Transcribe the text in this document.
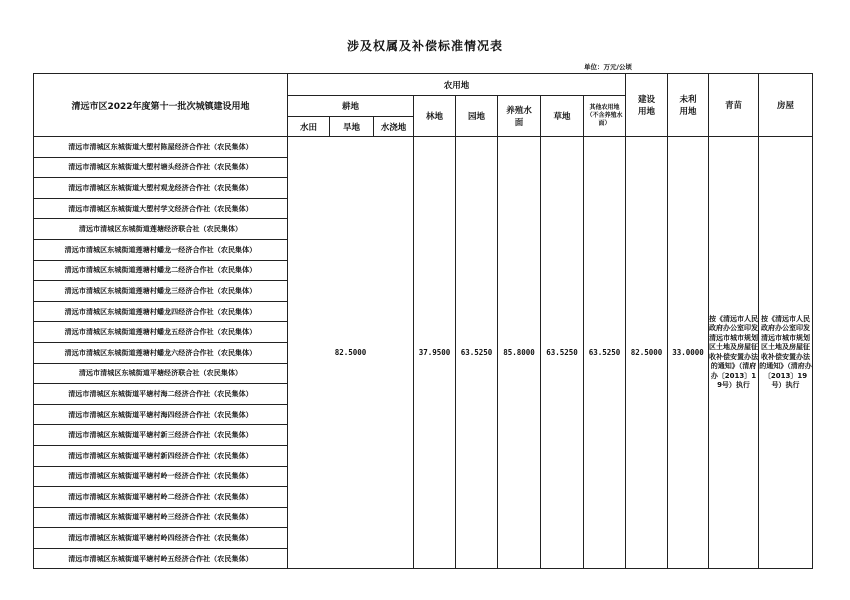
涉及权属及补偿标准情况表
单位：万元/公顷
清远市区2022年度第十一批次城镇建设用地	农用地								建设用地	未利用地	青苗	房屋
	耕地			林地	园地	养殖水面	草地	其他农用地（不含养殖水面）				
	水田	旱地	水浇地									
清远市清城区东城街道大塱村陈屋经济合作社（农民集体）	82.5000			37.9500	63.5250	85.8000	63.5250	63.5250	82.5000	33.0000	按《清远市人民政府办公室印发清远市城市规划区土地及房屋征收补偿安置办法的通知》（清府办〔2013〕19号）执行	按《清远市人民政府办公室印发清远市城市规划区土地及房屋征收补偿安置办法的通知》（清府办〔2013〕19号）执行
清远市清城区东城街道大塱村塘头经济合作社（农民集体）												
清远市清城区东城街道大塱村观龙经济合作社（农民集体）												
清远市清城区东城街道大塱村学文经济合作社（农民集体）												
清远市清城区东城街道莲塘经济联合社（农民集体）												
清远市清城区东城街道莲塘村蟠龙一经济合作社（农民集体）												
清远市清城区东城街道莲塘村蟠龙二经济合作社（农民集体）												
清远市清城区东城街道莲塘村蟠龙三经济合作社（农民集体）												
清远市清城区东城街道莲塘村蟠龙四经济合作社（农民集体）												
清远市清城区东城街道莲塘村蟠龙五经济合作社（农民集体）												
清远市清城区东城街道莲塘村蟠龙六经济合作社（农民集体）												
清远市清城区东城街道平塘经济联合社（农民集体）												
清远市清城区东城街道平塘村海二经济合作社（农民集体）												
清远市清城区东城街道平塘村海四经济合作社（农民集体）												
清远市清城区东城街道平塘村新三经济合作社（农民集体）												
清远市清城区东城街道平塘村新四经济合作社（农民集体）												
清远市清城区东城街道平塘村岭一经济合作社（农民集体）												
清远市清城区东城街道平塘村岭二经济合作社（农民集体）												
清远市清城区东城街道平塘村岭三经济合作社（农民集体）												
清远市清城区东城街道平塘村岭四经济合作社（农民集体）												
清远市清城区东城街道平塘村岭五经济合作社（农民集体）												
